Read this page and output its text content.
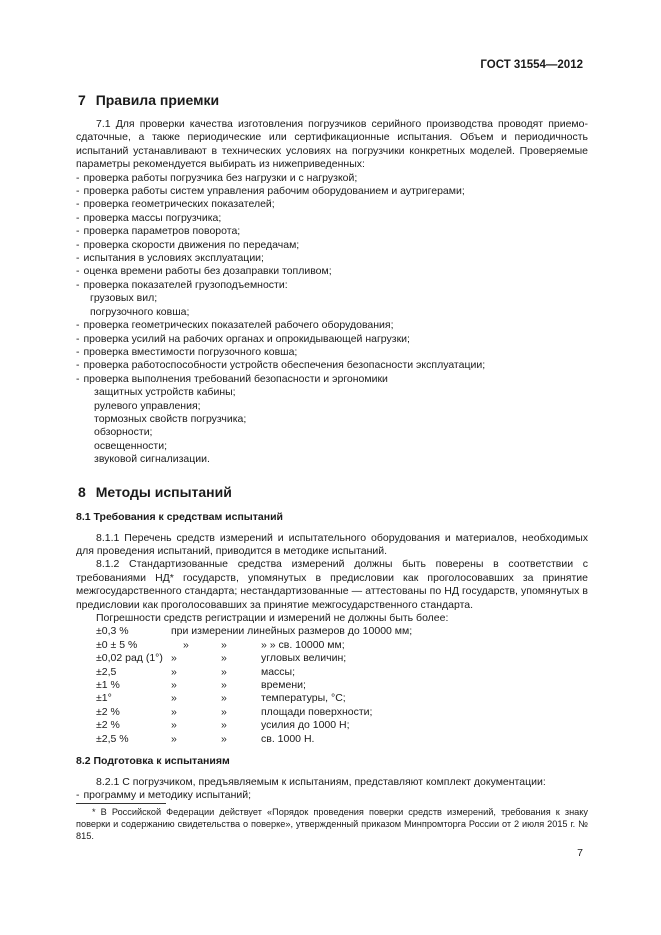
ГОСТ 31554—2012
7 Правила приемки

7.1 Для проверки качества изготовления погрузчиков серийного производства проводят приемо-сдаточные, а также периодические или сертификационные испытания. Объем и периодичность испытаний устанавливают в технических условиях на погрузчики конкретных моделей. Проверяемые параметры рекомендуется выбирать из нижеприведенных:

- проверка работы погрузчика без нагрузки и с нагрузкой;
- проверка работы систем управления рабочим оборудованием и аутригерами;
- проверка геометрических показателей;
- проверка массы погрузчика;
- проверка параметров поворота;
- проверка скорости движения по передачам;
- испытания в условиях эксплуатации;
- оценка времени работы без дозаправки топливом;
- проверка показателей грузоподъемности:
грузовых вил;
погрузочного ковша;
- проверка геометрических показателей рабочего оборудования;
- проверка усилий на рабочих органах и опрокидывающей нагрузки;
- проверка вместимости погрузочного ковша;
- проверка работоспособности устройств обеспечения безопасности эксплуатации;
- проверка выполнения требований безопасности и эргономики
защитных устройств кабины;
рулевого управления;
тормозных свойств погрузчика;
обзорности;
освещенности;
звуковой сигнализации.
8 Методы испытаний
8.1 Требования к средствам испытаний

8.1.1 Перечень средств измерений и испытательного оборудования и материалов, необходимых для проведения испытаний, приводится в методике испытаний.

8.1.2 Стандартизованные средства измерений должны быть поверены в соответствии с требованиями НД* государств, упомянутых в предисловии как проголосовавших за принятие межгосударственного стандарта; нестандартизованные — аттестованы по НД государств, упомянутых в предисловии как проголосовавших за принятие межгосударственного стандарта.

Погрешности средств регистрации и измерений не должны быть более:

±0,3 %	при измерении линейных размеров до 10000 мм;		
±0 ± 5 %	»	»	» » св. 10000 мм;
±0,02 рад (1°)	»	»	угловых величин;
±2,5	»	»	массы;
±1 %	»	»	времени;
±1°	»	»	температуры, °С;
±2 %	»	»	площади поверхности;
±2 %	»	»	усилия до 1000 Н;
±2,5 %	»	»	св. 1000 Н.
8.2 Подготовка к испытаниям

8.2.1 С погрузчиком, предъявляемым к испытаниям, представляют комплект документации:

- программу и методику испытаний;
* В Российской Федерации действует «Порядок проведения поверки средств измерений, требования к знаку поверки и содержанию свидетельства о поверке», утвержденный приказом Минпромторга России от 2 июля 2015 г. № 815.
7
